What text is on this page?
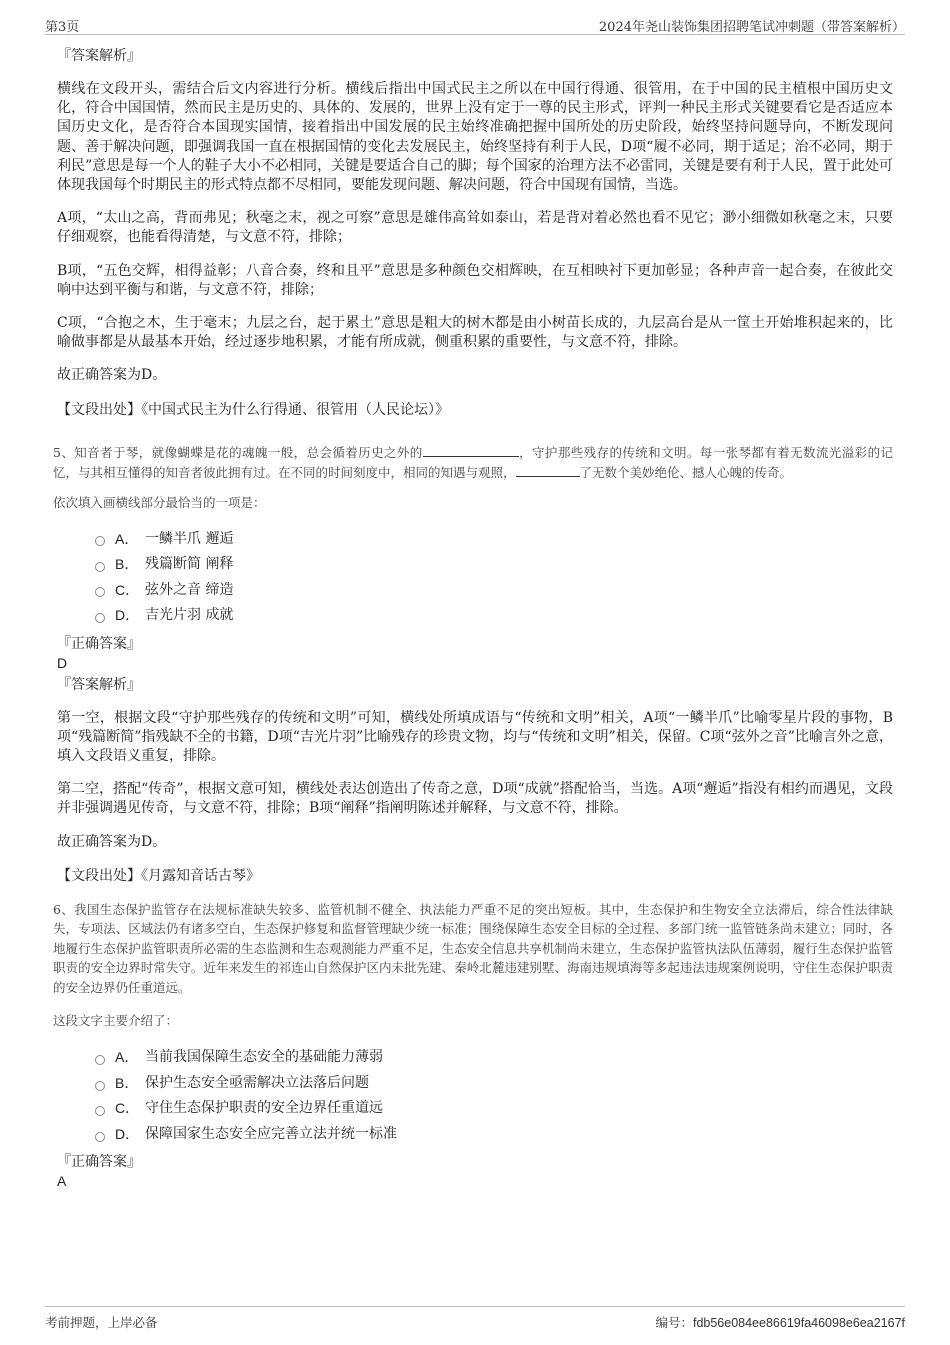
第3页	2024年尧山装饰集团招聘笔试冲刺题（带答案解析）
『答案解析』

横线在文段开头，需结合后文内容进行分析。横线后指出中国式民主之所以在中国行得通、很管用，在于中国的民主植根中国历史文化，符合中国国情，然而民主是历史的、具体的、发展的，世界上没有定于一尊的民主形式，评判一种民主形式关键要看它是否适应本国历史文化，是否符合本国现实国情，接着指出中国发展的民主始终准确把握中国所处的历史阶段，始终坚持问题导向，不断发现问题、善于解决问题，即强调我国一直在根据国情的变化去发展民主，始终坚持有利于人民，D项“履不必同，期于适足；治不必同，期于利民”意思是每一个人的鞋子大小不必相同，关键是要适合自己的脚；每个国家的治理方法不必雷同，关键是要有利于人民，置于此处可体现我国每个时期民主的形式特点都不尽相同，要能发现问题、解决问题，符合中国现有国情，当选。

A项，“太山之高，背而弗见；秋毫之末，视之可察”意思是雄伟高耸如泰山，若是背对着必然也看不见它；渺小细微如秋毫之末，只要仔细观察，也能看得清楚，与文意不符，排除；

B项，“五色交辉，相得益彰；八音合奏，终和且平”意思是多种颜色交相辉映，在互相映衬下更加彰显；各种声音一起合奏，在彼此交响中达到平衡与和谐，与文意不符，排除；

C项，“合抱之木，生于毫末；九层之台，起于累土”意思是粗大的树木都是由小树苗长成的，九层高台是从一筐土开始堆积起来的，比喻做事都是从最基本开始，经过逐步地积累，才能有所成就，侧重积累的重要性，与文意不符，排除。

故正确答案为D。

【文段出处】《中国式民主为什么行得通、很管用（人民论坛）》
5、知音者于琴，就像蝴蝶是花的魂魄一般，总会循着历史之外的	，守护那些残存的传统和文明。每一张琴都有着无数流光溢彩的记忆，与其相互懂得的知音者彼此拥有过。在不同的时间刻度中，相同的知遇与观照，	了无数个美妙绝伦、撼人心魄的传奇。
依次填入画横线部分最恰当的一项是：
A． 一鳞半爪 邂逅
B． 残篇断简 阐释
C． 弦外之音 缔造
D． 吉光片羽 成就
『正确答案』
D
『答案解析』

第一空，根据文段“守护那些残存的传统和文明”可知，横线处所填成语与“传统和文明”相关，A项“一鳞半爪”比喻零星片段的事物，B项“残篇断简”指残缺不全的书籍，D项“吉光片羽”比喻残存的珍贵文物，均与“传统和文明”相关，保留。C项“弦外之音”比喻言外之意，填入文段语义重复，排除。

第二空，搭配“传奇”，根据文意可知，横线处表达创造出了传奇之意，D项“成就”搭配恰当，当选。A项“邂逅”指没有相约而遇见，文段并非强调遇见传奇，与文意不符，排除；B项“阐释”指阐明陈述并解释，与文意不符，排除。

故正确答案为D。

【文段出处】《月露知音话古琴》
6、我国生态保护监管存在法规标准缺失较多、监管机制不健全、执法能力严重不足的突出短板。其中，生态保护和生物安全立法滞后，综合性法律缺失，专项法、区域法仍有诸多空白，生态保护修复和监督管理缺少统一标准；围绕保障生态安全目标的全过程、多部门统一监管链条尚未建立；同时，各地履行生态保护监管职责所必需的生态监测和生态观测能力严重不足，生态安全信息共享机制尚未建立，生态保护监管执法队伍薄弱，履行生态保护监管职责的安全边界时常失守。近年来发生的祁连山自然保护区内未批先建、秦岭北麓违建别墅、海南违规填海等多起违法违规案例说明，守住生态保护职责的安全边界仍任重道远。
这段文字主要介绍了：
A． 当前我国保障生态安全的基础能力薄弱
B． 保护生态安全亟需解决立法落后问题
C． 守住生态保护职责的安全边界任重道远
D． 保障国家生态安全应完善立法并统一标准
『正确答案』
A
考前押题，上岸必备	编号：fdb56e084ee86619fa46098e6ea2167f
